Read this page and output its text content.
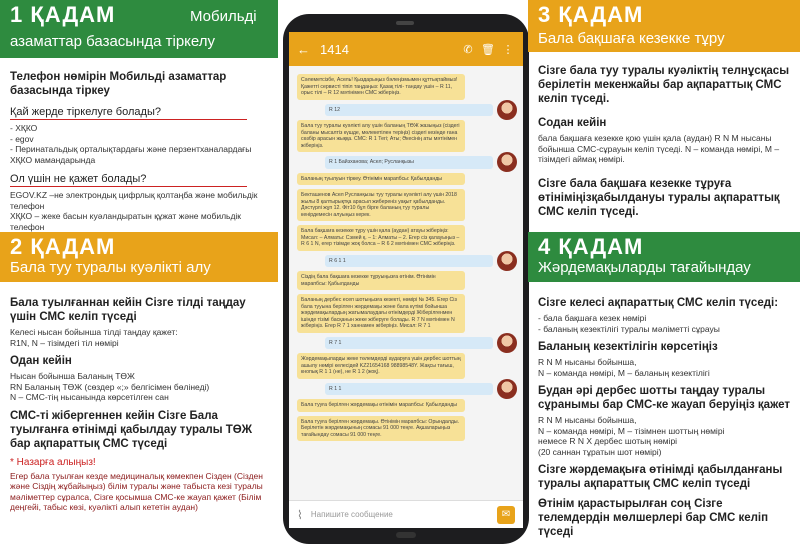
1 ҚАДАМ	Мобильді
азаматтар базасында тіркелу
Телефон нөмірін Мобильді азаматтар базасында тіркеу
Қай жерде тіркелуге болады?
- ХҚКО
- egov
- Перинатальдық орталықтардағы және перзентханалардағы ХҚКО мамандарында
Ол үшін не қажет болады?
EGOV.KZ –не электрондық цифрлық қолтаңба және мобильдік телефон
ХҚКО – жеке басын куәландыратын құжат және мобильдік телефон
2 ҚАДАМ
Бала туу туралы куәлікті алу
Бала туылғаннан кейін Сізге тілді таңдау үшін СМС келіп түседі
Келесі нысан бойынша тілді таңдау қажет:
R1N, N – тізімдегі тіл нөмірі
Одан кейін
Нысан бойынша Баланың ТӨЖ
RN Баланың ТӨЖ (сөздер «;» белгісімен бөлінеді)
N – СМС-тің нысанында көрсетілген сан
СМС-ті жібергеннен кейін Сізге Бала туылғанға өтінімді қабылдау туралы ТӨЖ бар ақпараттық СМС түседі
* Назарға алыңыз!
Егер бала туылған кезде медициналық көмекпен Сізден (Сізден және Сіздің жұбайыңыз) білім туралы және табыста кезі туралы мәліметтер сұралса, Сізге қосымша СМС-ке жауап қажет (Білім деңгейі, табыс көзі, куәлікті алып кететін аудан)
← 1414	✆ 🗑 ⋮
Сәлеметсізбе, Асель! Қыздарыңыз бәлеңізмымен құттықтаймыз! Қажетті сервисті тіпіл таңдаңыз: Қазақ тілі- тандау үшін – R 11, орыс тілі – R 12 мәтінімен СМС жіберіңіз.
R 12
Бала туу туралы куәлікті алу үшін баланың ТӨЖ жазыңыз (сіздегі баланы мысалтіз күшде, мөлекетілен теріңіз) сіздегі кезінде ғана сөзбір арасын жыққа. СМС: R 1 Тегі; Аты; Әкесінің аты мәтінімен жіберіңіз.
R 1 Байзханова; Асел; Русланқызы
Баланың туылуын тіркеу. Өтінімін марапбсы: Қабылданды
Бекташенов Асел Русланқызы туу туралы куәлікті алу үшін 2018 жылы 8 қалтырықтқа арасыл жибереніз уақыт қабылданды. Дәстүрлі жұп 12. Фіт10 бұл бірге баланың туу туралы кенірдемесін алуыңыз керек.
Бала бақшаға кезекке тұру үшін қала (аудан) атауы жіберіңіз: Мисал: – Алматы: Сэмей қ. – 1: Алматы – 2. Егер сіз қалауыңыз – R 6 1 N, егер тізімде жоқ болса – R 6 2 мәтінімен СМС жіберіңіз.
R 6 1 1
Сіздің бала бақшаға кезекке тұруыңызға өтінім. Өтінімін марапбсы: Қабылданды
Баланың дербес есеп шотыңызға кезекті, нөмірі № 345. Егер Сіз бала тууына берілген жәрдемақы және бала күтімі бойынша жәрдемақылардың жатымалаудағы өтінімдерді Жіберілгенмен ішінде тізімі басқанын жеке жіберуге болады. R 7 N мәтінімен N жіберіңіз. Егер R 7 1 ханнамен жіберіңіз. Мисал: R 7 1
R 7 1
Жәрдемақыларды жеке төлемдерді аударуға үшін дербес шоттың ашылу нөмірі келесідей KZ21654168 98898548Y. Жақсы тағыш, кнопық R 1 1 (не), не R 1 2 (жоқ).
R 1 1
Бала тууға берілген жәрдемақы өтінімін марапбсы: Қабылданды
Бала тууға берілген жәрдемақы. Өтінімін марапбсы: Орындалды. Берілетін жәрдемақының сомасы 91 000 теңге. Ақшаларыңыз тағайындау сомасы 91 000 теңге.
⌇ Напишите сообщение	✉
3 ҚАДАМ
Бала бақшаға кезекке тұру
Сізге бала туу туралы куәліктің телнұсқасы берілетін мекенжайы бар ақпараттық СМС келіп түседі.
Содан кейін
бала бақшаға кезекке қою үшін қала (аудан) R N M нысаны бойынша СМС-сұрауын келіп түседі. N – команда нөмірі, М – тізімдегі аймақ нөмірі.
Сізге бала бақшаға кезекке тұруға өтініміңізқабылдануы туралы ақпараттық СМС келіп түседі.
4 ҚАДАМ
Жәрдемақыларды тағайындау
Сізге келесі ақпараттық СМС келіп түседі:
- бала бақшаға кезек нөмірі
- баланың кезектілігі туралы мәліметті сұрауы
Баланың кезектілігін көрсетіңіз
R N М нысаны бойынша,
N – команда нөмірі, М – баланың кезектілігі
Будан әрі дербес шотты таңдау туралы сұранымы бар СМС-ке жауап беруіңіз қажет
R N М нысаны бойынша,
N – команда нөмірі, М – тізімнен шоттың нөмірі
немесе R N X дербес шотың нөмірі
(20 саннан тұратын шот нөмірі)
Сізге жәрдемақыға өтінімді қабылданғаны туралы ақпараттық СМС келіп түседі
Өтінім қарастырылған соң Сізге телемдердін мөлшерлері бар СМС келіп түседі
